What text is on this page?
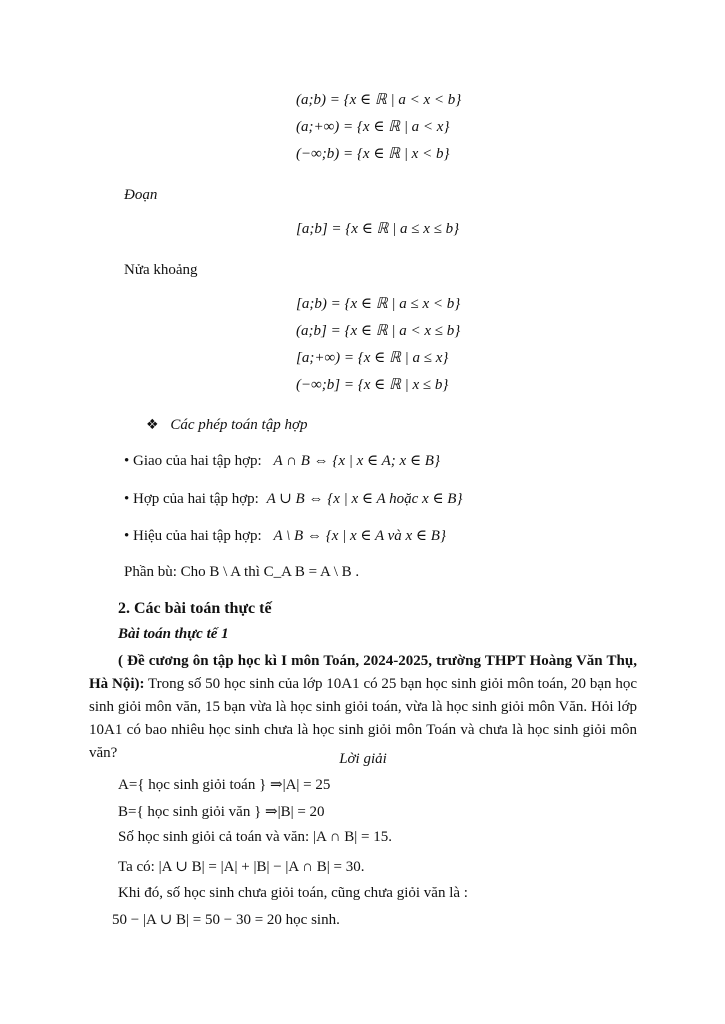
(a;b) = {x ∈ ℝ | a < x < b}
(a;+∞) = {x ∈ ℝ | a < x}
(−∞;b) = {x ∈ ℝ | x < b}
Đoạn
[a;b] = {x ∈ ℝ | a ≤ x ≤ b}
Nửa khoảng
[a;b) = {x ∈ ℝ | a ≤ x < b}
(a;b] = {x ∈ ℝ | a < x ≤ b}
[a;+∞) = {x ∈ ℝ | a ≤ x}
(−∞;b] = {x ∈ ℝ | x ≤ b}
❖ Các phép toán tập hợp
• Giao của hai tập hợp: A ∩ B ⇔ {x | x ∈ A; x ∈ B}
• Hợp của hai tập hợp: A ∪ B ⇔ {x | x ∈ A hoặc x ∈ B}
• Hiệu của hai tập hợp: A \ B ⇔ {x | x ∈ A và x ∈ B}
Phần bù: Cho B \ A thì C_A B = A \ B .
2. Các bài toán thực tế
Bài toán thực tế 1
( Đề cương ôn tập học kì I môn Toán, 2024-2025, trường THPT Hoàng Văn Thụ, Hà Nội): Trong số 50 học sinh của lớp 10A1 có 25 bạn học sinh giỏi môn toán, 20 bạn học sinh giỏi môn văn, 15 bạn vừa là học sinh giỏi toán, vừa là học sinh giỏi môn Văn. Hỏi lớp 10A1 có bao nhiêu học sinh chưa là học sinh giỏi môn Toán và chưa là học sinh giỏi môn văn?	Lời giải
A={ học sinh giỏi toán } ⇒|A| = 25
B={ học sinh giỏi văn } ⇒|B| = 20
Số học sinh giỏi cả toán và văn: |A ∩ B| = 15.
Ta có: |A ∪ B| = |A| + |B| − |A ∩ B| = 30.
Khi đó, số học sinh chưa giỏi toán, cũng chưa giỏi văn là :
50 − |A ∪ B| = 50 − 30 = 20 học sinh.
